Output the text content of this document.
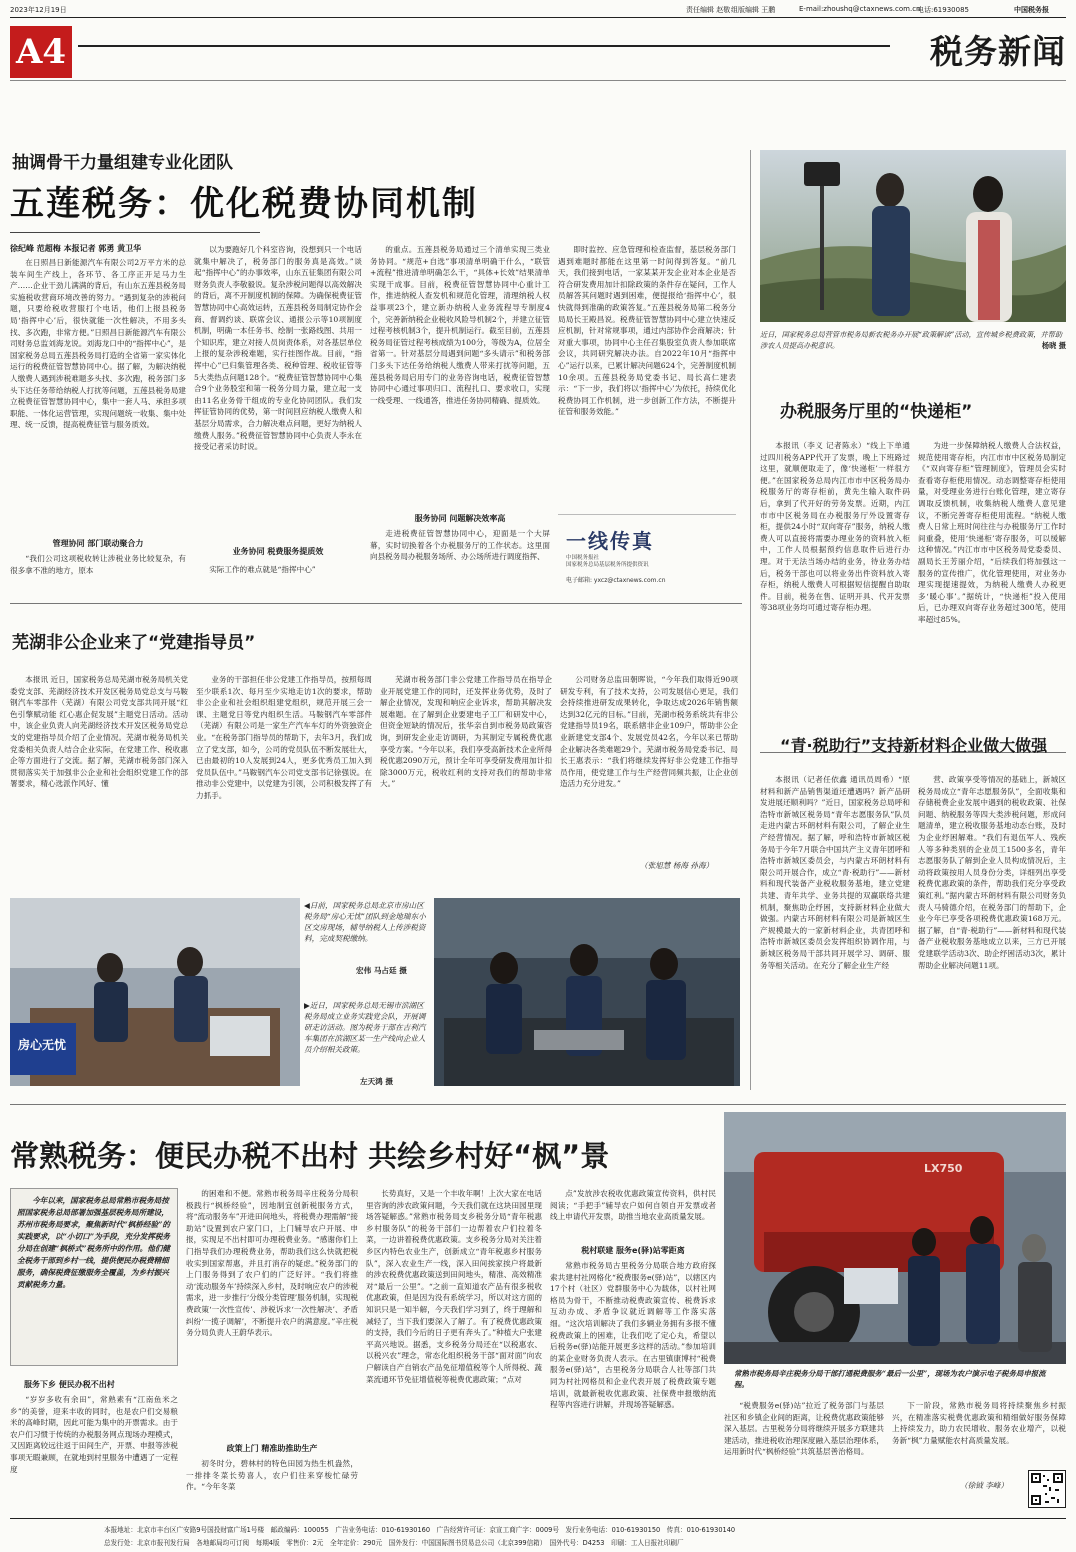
2023年12月19日	责任编辑 赵敬 组版编辑 王鹏	E-mail:zhoushq@ctaxnews.com.cn
电话:61930085	中国税务报
A4	税务新闻
抽调骨干力量组建专业化团队
五莲税务：优化税费协同机制
徐纪峰 范超梅 本报记者 郭勇 黄卫华

在日照昌日新能源汽车有限公司2万平方米的总装车间生产线上，各环节、各工序正开足马力生产……企业干劲儿满满的背后，有山东五莲县税务局实施税收营商环境改善的努力。“遇到复杂的涉税问题，只要给税收营服打个电话，他们上报县税务局‘指挥中心’后，很快就能一次性解决，不用多头找、多次跑，非常方便。”日照昌日新能源汽车有限公司财务总监刘海龙说。刘海龙口中的“指挥中心”，是国家税务总局五莲县税务局打造的全省第一家实体化运行的税费征管智慧协同中心。据了解，为解决纳税人缴费人遇到涉税难题多头找、多次跑，税务部门多头下达任务带给纳税人打扰等问题，五莲县税务局建立税费征管智慧协同中心，集中一套人马、承担多项职能、一体化运营管理，实现问题统一收集、集中处理、统一反馈，提高税费征管与服务质效。

管理协同 部门联动聚合力

“我们公司这项税收转让涉税业务比较复杂，有很多拿不准的地方，原本

以为要跑好几个科室咨询，没想到只一个电话就集中解决了，税务部门的服务真是高效。”谈起“指挥中心”的办事效率，山东五征集团有限公司财务负责人李敬毅说。复杂涉税问题得以高效解决的背后，离不开制度机制的保障。为确保税费征管智慧协同中心高效运转，五莲县税务局制定协作会商、督调约谈、联席会议、通报公示等10项制度机制，明确一本任务书、绘制一张路线图、共用一个知识库，建立对接人员岗责体系，对各基层单位上报的复杂涉税难题，实行挂图作战。目前，“指挥中心”已归集管理各类、税种管理、税收征管等5大类热点问题128个。“税费征管智慧协同中心集合9个业务股室和第一税务分局力量，建立起一支由11名业务骨干组成的专业化协同团队。我们发挥征管协同的优势，第一时间回应纳税人缴费人和基层分局需求，合力解决难点问题，更好为纳税人缴费人服务。”税费征管智慧协同中心负责人李永在接受记者采访时说。

业务协同 税费服务提质效

实际工作的难点就是“指挥中心”

的重点。五莲县税务局通过三个清单实现三类业务协同。“规范+自选”事项清单明确干什么，“联管+流程”推进清单明确怎么干，“具体+长效”结果清单实现干成事。目前，税费征管智慧协同中心重计工作，推进纳税人查发机和规范化管理，清理纳税人权益事项23个，建立新办纳税人业务流程导专制度4个，完善新纳税企业税收风险导机制2个，并建立征管过程考核机制3个，提升机制运行。截至目前，五莲县税务局征管过程考核成绩为100分，等级为A，位居全省第一。针对基层分局遇到问题“多头请示”和税务部门多头下达任务给纳税人缴费人带来打扰等问题，五莲县税务局启用专门的业务咨询电话，税费征管智慧协同中心通过事项归口、流程扎口、要求收口，实现一线受理、一线通答，推进任务协同精确、提质效。

服务协同 问题解决效率高

走进税费征管智慧协同中心，迎面是一个大屏幕，实时切换着各个办税服务厅的工作状态。这里面向县税务局办税服务场所、办公场所进行调度指挥、

即时监控、应急管理和检查监督，基层税务部门遇到难题时都能在这里第一时间得到答复。“前几天，我们接到电话，一家某某开发企业对本企业是否符合研发费用加计扣除政策的条件存在疑问，工作人员解答其问题时遇到困难，便提报给‘指挥中心’，很快就得到准确的政策答复。”五莲县税务局第二税务分局局长王殿昌说。税费征管智慧协同中心建立快速反应机制，针对常规事项，通过内部协作会商解决；针对重大事项，协同中心主任召集股室负责人参加联席会议，共同研究解决办法。自2022年10月“指挥中心”运行以来，已累计解决问题624个，完善制度机制10余项。五莲县税务局党委书记、局长高仁建表示：“下一步，我们将以‘指挥中心’为依托，持续优化税费协同工作机制，进一步创新工作方法，不断提升征管和服务效能。”

一线传真
中国税务报社
国家税务总局基层税务所提供资讯
电子邮箱: yxcz@ctaxnews.com.cn
近日，国家税务总局营管市税务局新农税务办开展“政策解读”活动，宣传城乡税费政策，并帮助涉农人员提高办税意识。	杨晓 摄
办税服务厅里的“快递柜”

本报讯（李义 记者陈永）“线上下单通过四川税务APP代开了发票，晚上下班路过这里，就顺便取走了，像‘快递柜’一样很方便。”在国家税务总局内江市市中区税务局办税服务厅的寄存柜前，黄先生输入取件码后，拿到了代开好的劳务发票。近期，内江市市中区税务局在办税服务厅外设置寄存柜，提供24小时“双向寄存”服务，纳税人缴费人可以直接将需要办理业务的资料放入柜中，工作人员根据预约信息取件后进行办理。对于无法当场办结的业务，待业务办结后，税务干部也可以将业务出件资料放入寄存柜，纳税人缴费人可根据短信提醒自助取件。目前，税务在售、证明开具、代开发票等38项业务均可通过寄存柜办理。

为进一步保障纳税人缴费人合法权益，规范使用寄存柜，内江市市中区税务局制定《“双向寄存柜”管理制度》，管理员会实时查看寄存柜使用情况。动态调整寄存柜使用量，对受理业务进行台账化管理，建立寄存调取反馈机制，收集纳税人缴费人意见建议，不断完善寄存柜使用流程。“纳税人缴费人日常上班时间往往与办税服务厅工作时间重叠，使用‘快递柜’寄存服务，可以缓解这种情况。”内江市市中区税务局党委委员、副局长王芳丽介绍，“后续我们将加强这一服务的宣传推广，优化管理使用，对业务办理实现提速提效，为纳税人缴费人办税更多‘暖心事’。”据统计，“快递柜”投入使用后，已办理双向寄存业务超过300笔，使用率超过85%。

芜湖非公企业来了“党建指导员”

本报讯 近日，国家税务总局芜湖市税务局机关党委党支部、芜湖经济技术开发区税务局党总支与马鞍钢汽车零部件（芜湖）有限公司党支部共同开展“红色引擎赋动能 红心惠企促发展”主题党日活动。活动中，该企业负责人向芜湖经济技术开发区税务局党总支的党建指导员介绍了企业情况。芜湖市税务局机关党委相关负责人结合企业实际，在党建工作、税收惠企等方面进行了交流。据了解，芜湖市税务部门深入贯彻落实关于加强非公企业和社会组织党建工作的部署要求，精心选派作风好、懂

业务的干部担任非公党建工作指导员，按照每周至少联系1次、每月至少实地走访1次的要求，帮助非公企业和社会组织组建党组织，规范开展三会一课、主题党日等党内组织生活。马鞍钢汽车零部件（芜湖）有限公司是一家生产汽车车灯的外资独资企业。“在税务部门指导员的帮助下，去年3月，我们成立了党支部，如今，公司的党员队伍不断发展壮大，已由最初的10人发展到24人，更多优秀员工加入到党员队伍中。”马鞍钢汽车公司党支部书记徐强说。在推动非公党建中，以党建为引领，公司积极发挥了有力抓手。

芜湖市税务部门非公党建工作指导员在指导企业开展党建工作的同时，还发挥业务优势，及时了解企业情况，发现和响应企业诉求，帮助其解决发展难题。在了解到企业要建电子工厂和研发中心，但资金短缺的情况后，张华亲自到市税务局政策咨询，到研发企业走访调研，为其制定专属税费优惠享受方案。“今年以来，我们享受高新技术企业所得税优惠2090万元，预计全年可享受研发费用加计扣除3000万元，税收红利的支持对我们的帮助非常大。”

公司财务总监田朝晖说，“今年我们取得近90项研发专利，有了技术支持，公司发展信心更足，我们会持续推进研发成果转化，争取达成2026年销售额达到32亿元的目标。”目前，芜湖市税务系统共有非公党建指导员19名，联系辖非企业109户，帮助非公企业新建党支部4个、发展党员42名，今年以来已帮助企业解决各类难题29个。芜湖市税务局党委书记、局长王惠表示：“我们将继续发挥好非公党建工作指导员作用，使党建工作与生产经营同频共振，让企业创造活力充分迸发。”

（张旭慧 杨海 孙海）
房心无忧
◀日前，国家税务总局北京市房山区税务局“房心无忧”团队到金地瑞东小区交房现场，辅导纳税人上传涉税资料，完成契税缴纳。
宏伟 马占廷 摄
▶近日，国家税务总局无锡市滨湖区税务局成立业务实践党会队，开展调研走访活动。图为税务干部在吉利汽车集团在滨湖区某一生产线向企业人员介绍相关政策。
左天鸿 摄
“青·税助行”支持新材料企业做大做强

本报讯（记者任依鑫 通讯员周希）“原材料和新产品销售渠道还遭遇吗？新产品研发进展还顺利吗？”近日，国家税务总局呼和浩特市新城区税务局“青年志愿服务队”队员走进内蒙古环朗材料有限公司，了解企业生产经营情况。据了解，呼和浩特市新城区税务局于今年7月联合中国共产主义青年团呼和浩特市新城区委员会，与内蒙古环朗材料有限公司开展合作，成立“青·税助行”——新材料和现代装备产业税收服务基地，建立党建共建、青年共学、业务共提的双赢联络共建机制，聚焦助企纾困，支持新材料企业做大做强。内蒙古环朗材料有限公司是新城区生产规模最大的一家新材料企业，共青团呼和浩特市新城区委员会发挥组织协调作用，与新城区税务局干部共同开展学习、调研、服务等相关活动。在充分了解企业生产经

营、政策享受等情况的基础上，新城区税务局成立“青年志愿服务队”，全面收集和存储税费企业发展中遇到的税收政策、社保问题、纳税服务等四大类涉税问题，形成问题清单，建立税收服务基地动态台账，及时为企业纾困解难。“我们有退伍军人、残疾人等多种类别的企业员工1500多名，青年志愿服务队了解到企业人员构成情况后，主动将政策按用人员身份分类，详细列出享受税费优惠政策的条件，帮助我们充分享受政策红利。”据内蒙古环朗材料有限公司财务负责人马骑德介绍，在税务部门的帮助下，企业今年已享受各项税费优惠政策168万元。据了解，自“青·税助行”——新材料和现代装备产业税收服务基地成立以来，三方已开展党建联学活动3次、助企纾困活动3次，累计帮助企业解决问题11项。

常熟税务：便民办税不出村 共绘乡村好“枫”景
今年以来，国家税务总局常熟市税务局按照国家税务总局部署加强基层税务局所建设，苏州市税务局要求，聚焦新时代“枫桥经验”的实践要求，以“小切口”为手段，充分发挥税务分局在创建“枫桥式”税务所中的作用。他们健全税务干部到乡村一线，提供便民办税费精细服务，确保税费征缴服务全覆盖，为乡村振兴贡献税务力量。
服务下乡 便民办税不出村

“岁岁多收有余田”，常熟素有“江南鱼米之乡”的美誉，迎来丰收的同时，也是农户们交易粮米的高峰时期，因此可能为集中的开票需求。由于农户们习惯于传统的办税服务网点现场办理模式，又因距离较远往返于田间生产，开票、申报等涉税事项无暇兼顾，在就地到村里服务中遭遇了一定程度

的困难和不便。常熟市税务局辛庄税务分局积极践行“枫桥经验”，因地制宜创新税服务方式，将“流动服务车”开进田间地头，将税费办理需解“接助站”设置到农户家门口，上门辅导农户开展、申报，实现足不出村即可办理税费业务。“感谢你们上门指导我们办理税费业务，帮助我们这么快就把税收实到国家帮惠，并且打消存的疑虑。”税务部门的上门服务得到了农户们的广泛好评。“我们将推动‘流动服务车’持续深入乡村，及时响应农户的涉税需求，进一步推行‘分级分类管理’服务机制，实现税费政策‘一次性宣传’、涉税诉求‘一次性解决’、矛盾纠纷‘一揽子调解’，不断提升农户的满意度。”辛庄税务分局负责人王蔚华表示。

政策上门 精准助推助生产

初冬时分，碧林村的特色田园为热生机盎然，一排排冬菜长势喜人，农户们往来穿梭忙碌劳作。“今年冬菜

长势真好，又是一个丰收年啊！上次大家在电话里咨询的涉农政策问题，今天我们就在这块田园里现场答疑解惑。”常熟市税务局支乡税务分局“青年税惠乡村服务队”的税务干部们一边帮着农户们拉着冬菜，一边讲着税费优惠政策。支乡税务分局对关注着乡区内特色农业生产，创新成立“青年税惠乡村服务队”，深入农业生产一线，深入田间挨家挨户将最新的涉农税费优惠政策送到田间地头，精准、高效精准对“最后一公里”。“之前一直知道农产品有很多税收优惠政策，但是因为没有系统学习，所以对这方面的知识只是一知半解，今天我们学习到了，终于理解和减轻了，当下我们要深入了解了。有了税费优惠政策的支持，我们今后的日子更有奔头了。”种植大户张建平高兴地说。据悉，支乡税务分局还在“以税惠农、以税兴农”理念，常态化组织税务干部“面对面”向农户解读自产自销农产品免征增值税等个人所得税、蔬菜流通环节免征增值税等税费优惠政策；“点对

点”发放涉农税收优惠政策宣传资料，供村民阅读；“手把手”辅导农户如何自领自开发票或者线上申请代开发票，助推当地农业高质量发展。

税村联建 服务e(驿)站零距离

常熟市税务局古里税务分局联合地方政府探索共建村社网格化“税费服务e(驿)站”，以辖区内17个村（社区）党群服务中心为载体，以村社网格员为骨干，不断推动税费政策宣传、税费诉求互动办成、矛盾争议就近调解等工作落实落细。“这次培训解决了我们多辆业务拥有多报不懂税费政策上的困难，让我们吃了定心丸，希望以后税务e(驿)站能开展更多这样的活动。”参加培训的某企业财务负责人表示。在古里镇康博村“税费服务e(驿)站”，古里税务分局联合人社等部门共同为村社网格员和企业代表开展了税费政策专题培训，就最新税收优惠政策、社保费申报缴纳流程等内容进行讲解，并现场答疑解惑。

LX750
常熟市税务局辛庄税务分局干部打通税费服务“最后一公里”，现场为农户演示电子税务局申报流程。

“税费服务e(驿)站”拉近了税务部门与基层社区和乡镇企业间的距离，让税费优惠政策能够深入基层。古里税务分局将继续开展多方联建共建活动，推进税收治理深度融入基层治理体系，运用新时代“枫桥经验”共筑基层善治格局。

下一阶段，常熟市税务局将持续聚焦乡村振兴，在精准落实税费优惠政策和精细做好服务保障上持续发力，助力农民增收、服务农业增产，以税务新“枫”力量赋能农村高质量发展。

（徐钺 李峰）
本报地址：北京市丰台区广安路9号国投财富广场1号楼　邮政编码：100055　广告业务电话：010-61930160　广告经营许可证：京宣工商广字：0009号　发行业务电话：010-61930150　传真：010-61930140
总发行处：北京市报刊发行局　各地邮局均可订阅　每期4版　零售价：2元　全年定价：290元　国外发行：中国国际图书贸易总公司（北京399信箱）　国外代号：D4253　印刷：工人日报社印刷厂
